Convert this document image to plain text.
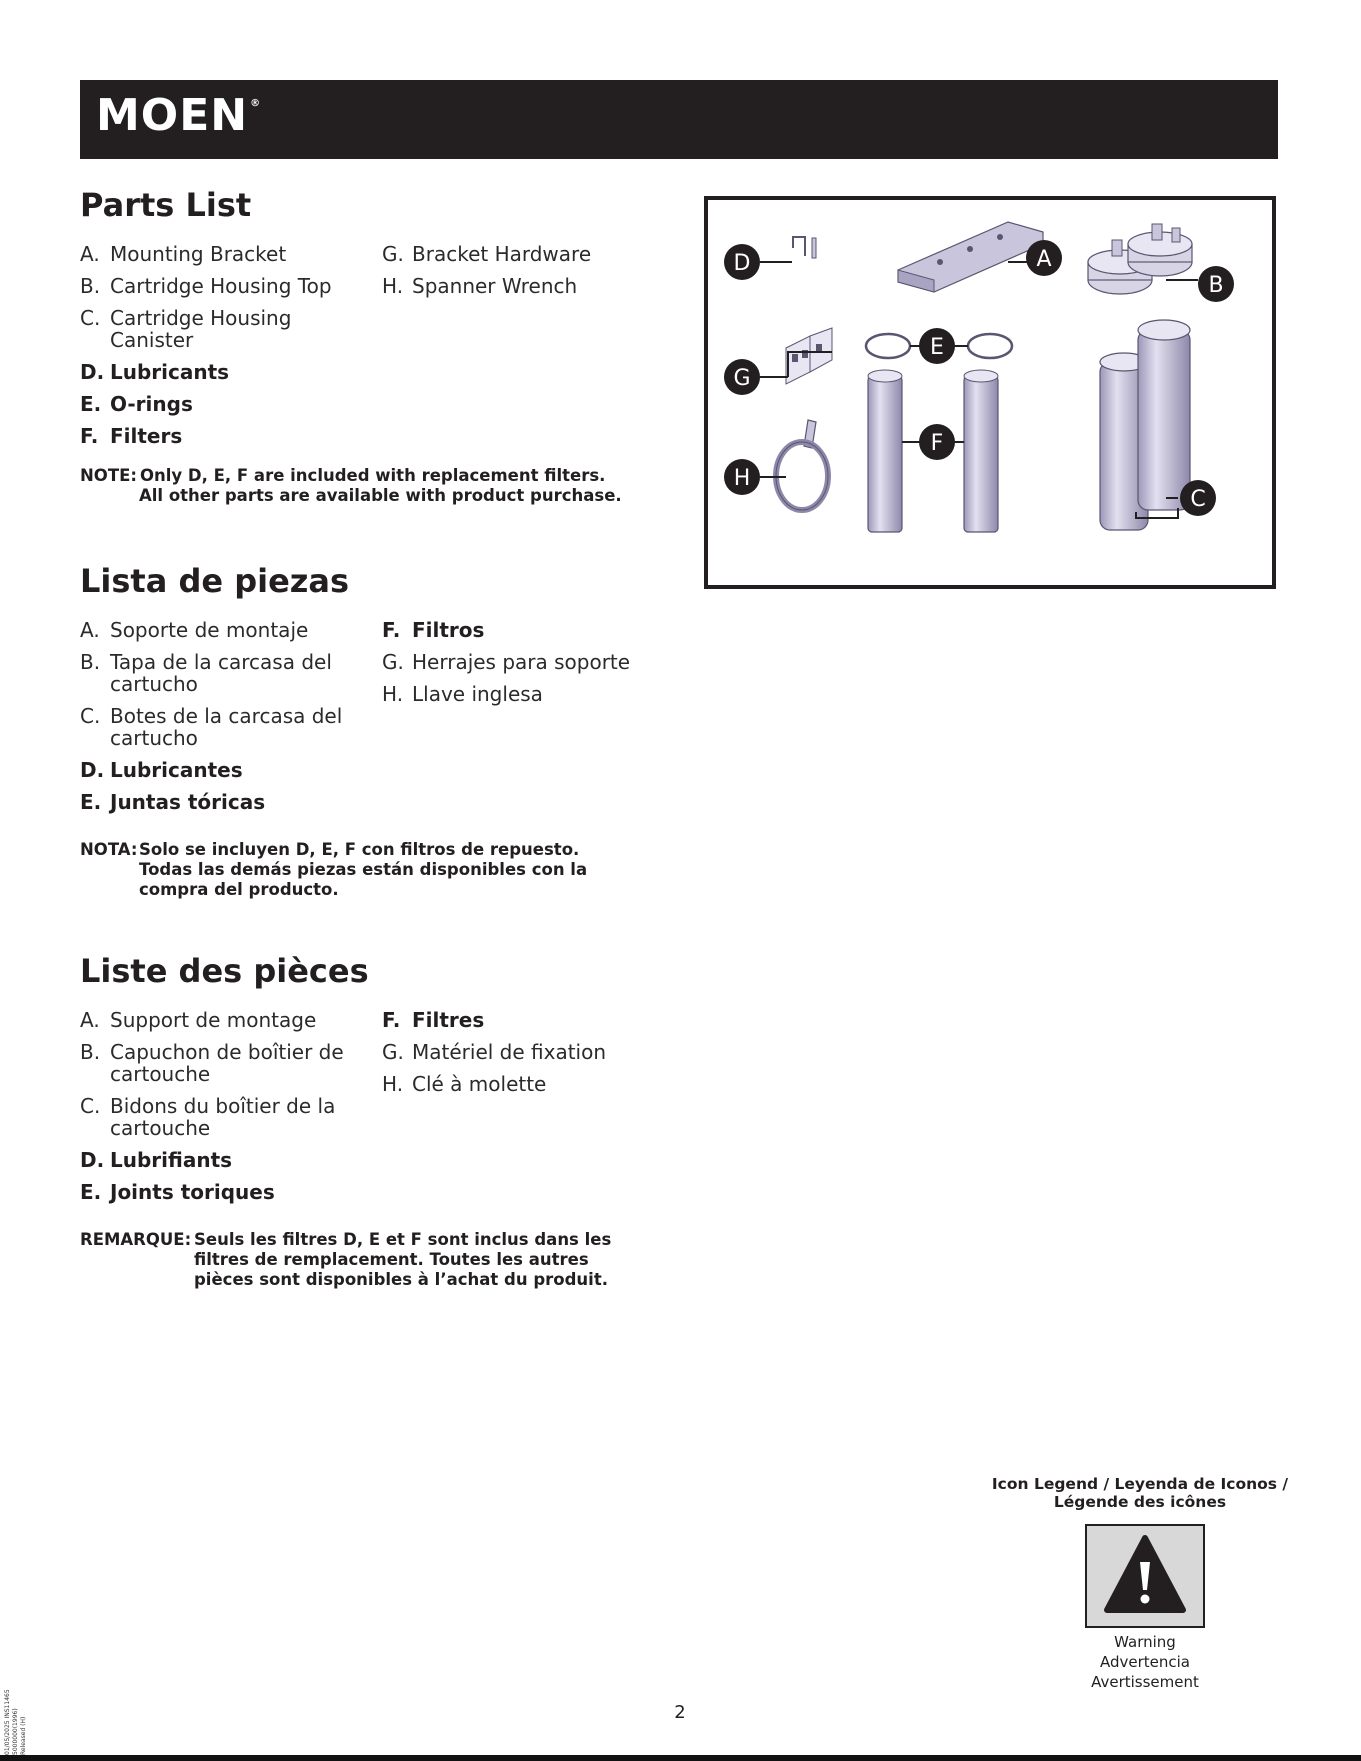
MOEN ®
Parts List
A. Mounting Bracket
B. Cartridge Housing Top
C. Cartridge Housing Canister
D. Lubricants
E. O-rings
F. Filters
G. Bracket Hardware
H. Spanner Wrench
NOTE: Only D, E, F are included with replacement filters.
All other parts are available with product purchase.
Lista de piezas
A. Soporte de montaje
B. Tapa de la carcasa del cartucho
C. Botes de la carcasa del cartucho
D. Lubricantes
E. Juntas tóricas
F. Filtros
G. Herrajes para soporte
H. Llave inglesa
NOTA: Solo se incluyen D, E, F con filtros de repuesto.
Todas las demás piezas están disponibles con la
compra del producto.
Liste des pièces
A. Support de montage
B. Capuchon de boîtier de cartouche
C. Bidons du boîtier de la cartouche
D. Lubrifiants
E. Joints toriques
F. Filtres
G. Matériel de fixation
H. Clé à molette
REMARQUE: Seuls les filtres D, E et F sont inclus dans les
filtres de remplacement. Toutes les autres
pièces sont disponibles à l’achat du produit.
D
G
H
A
B
E
F
C
Icon Legend / Leyenda de Iconos /
Légende des icônes
Warning
Advertencia
Avertissement
2
01/05/2025 INS11465 5000000(1996) Released (H)
